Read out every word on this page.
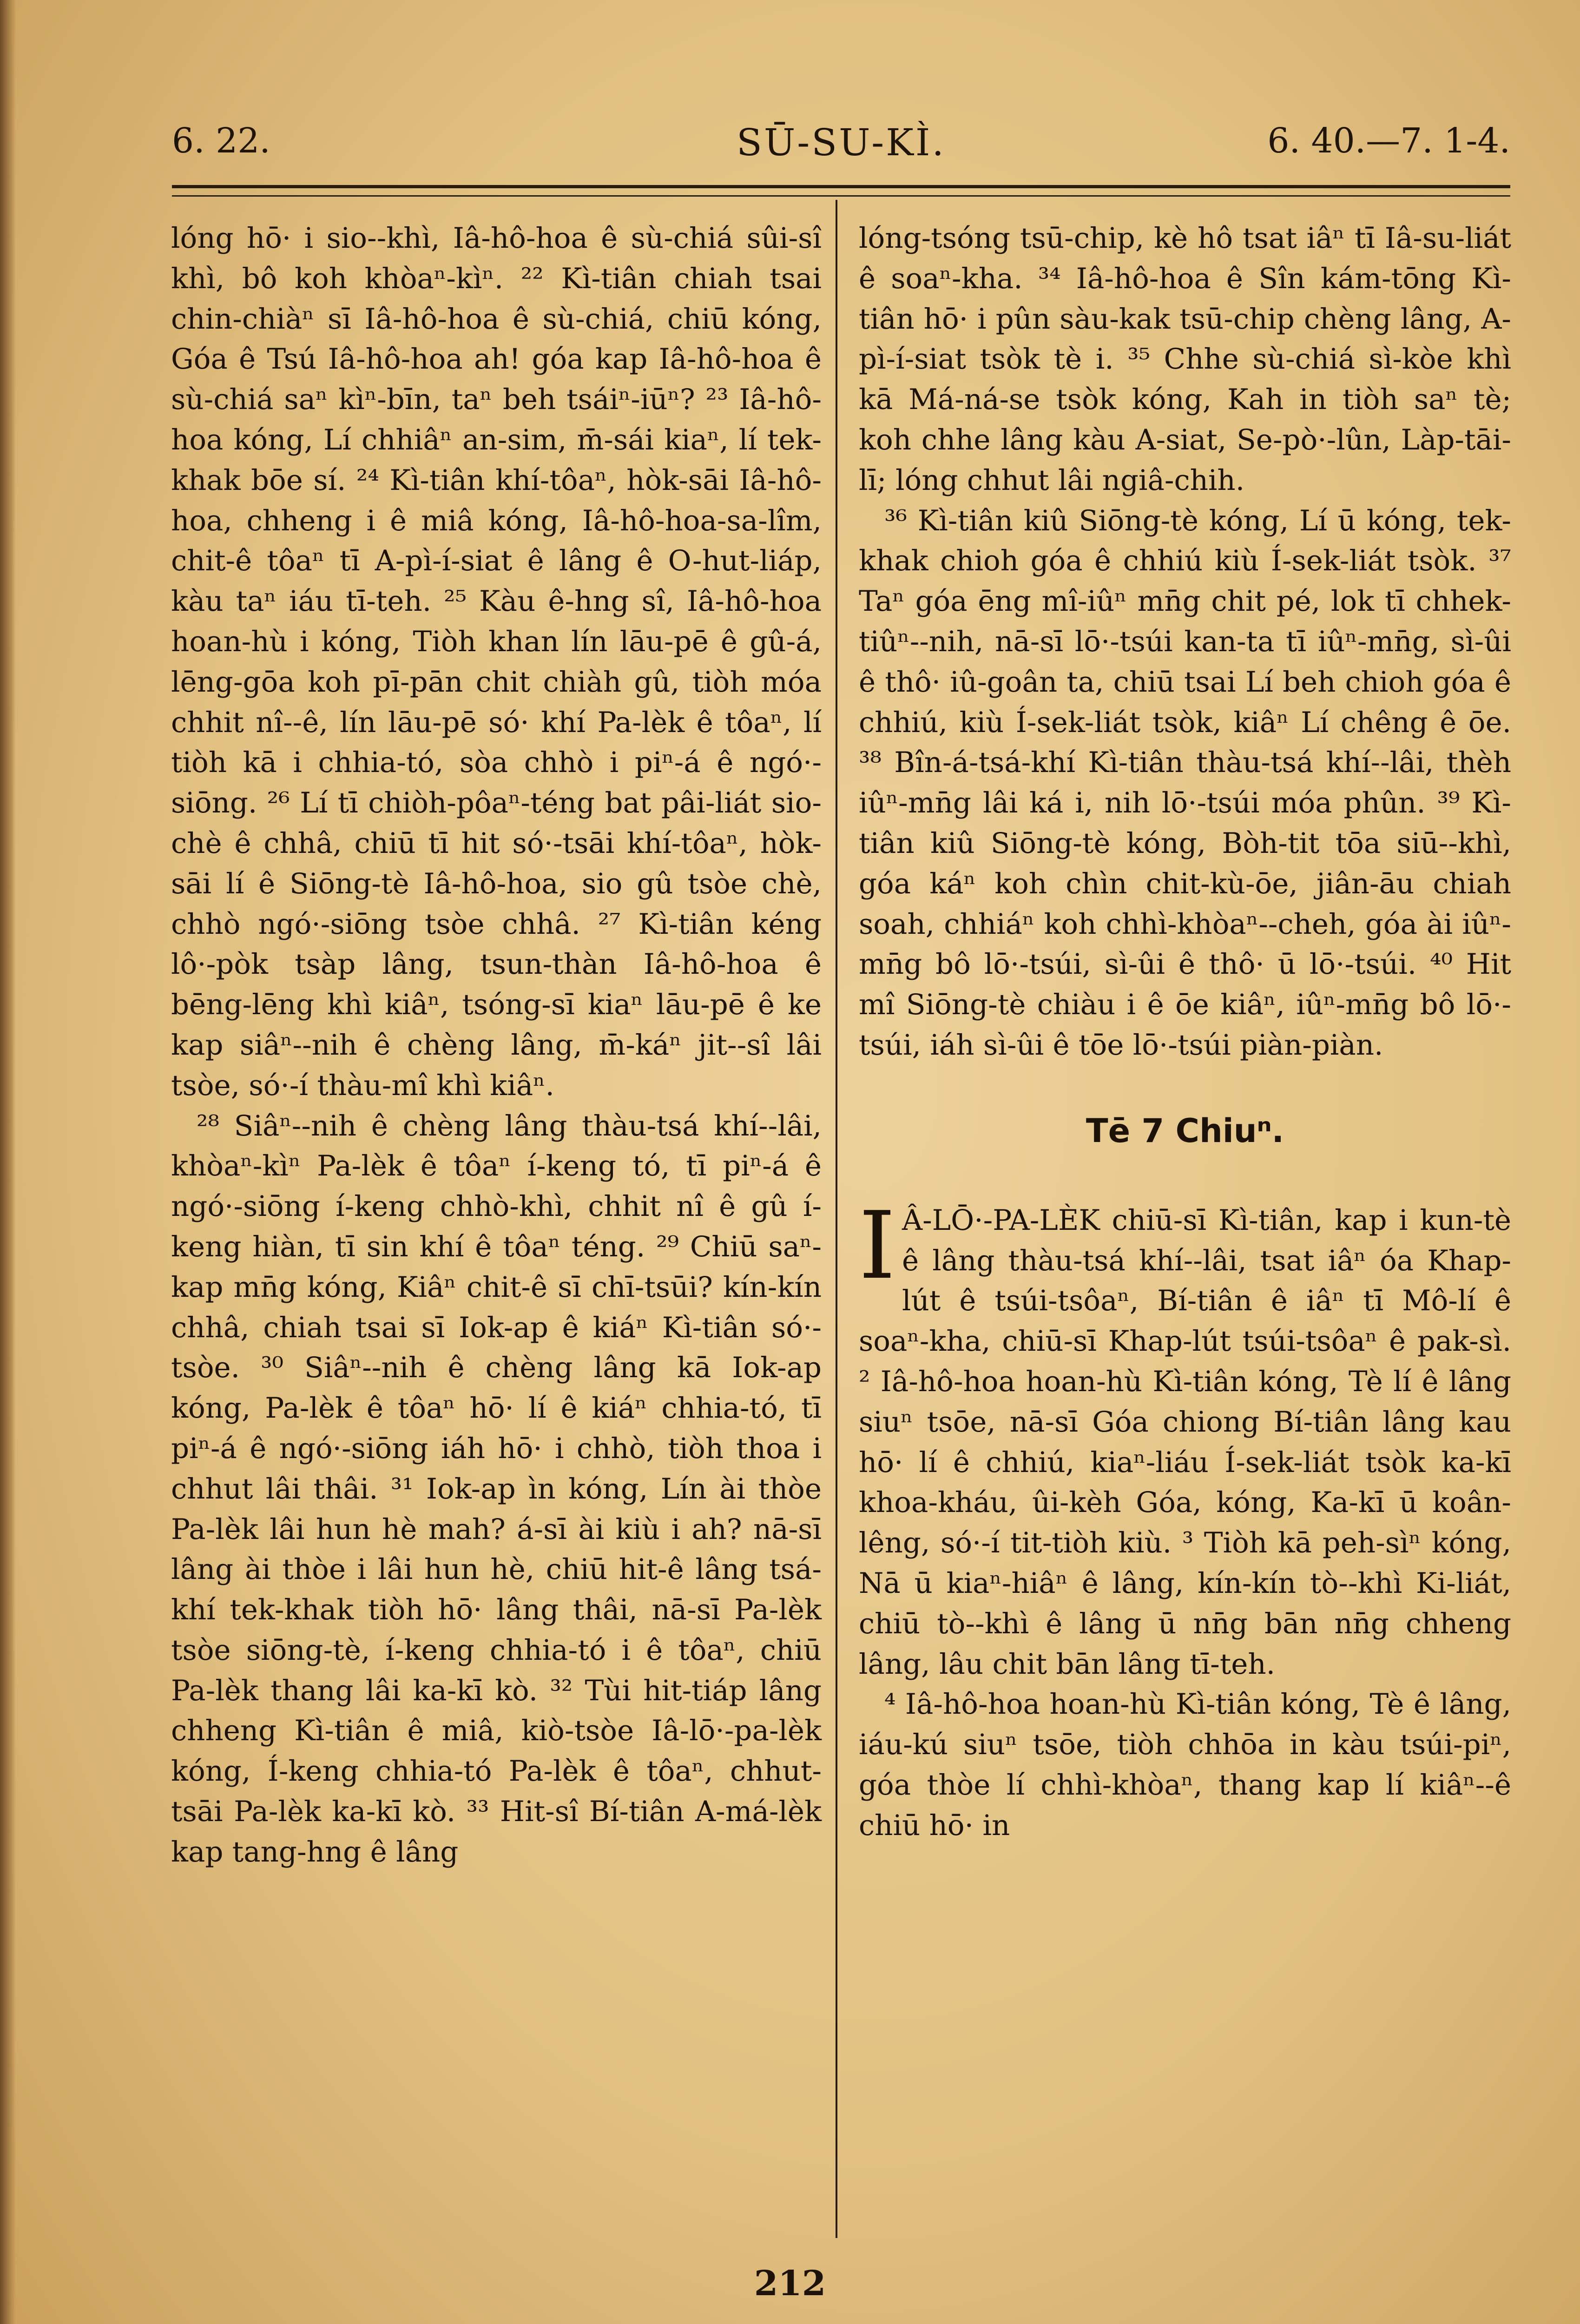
6. 22.	SŪ-SU-KÌ.	6. 40.—7. 1-4.

lóng hō· i sio--khì, Iâ-hô-hoa ê sù-chiá sûi-sî khì, bô koh khòaⁿ-kìⁿ. ²² Kì-tiân chiah tsai chin-chiàⁿ sī Iâ-hô-hoa ê sù-chiá, chiū kóng, Góa ê Tsú Iâ-hô-hoa ah! góa kap Iâ-hô-hoa ê sù-chiá saⁿ kìⁿ-bīn, taⁿ beh tsáiⁿ-iūⁿ? ²³ Iâ-hô-hoa kóng, Lí chhiâⁿ an-sim, m̄-sái kiaⁿ, lí tek-khak bōe sí. ²⁴ Kì-tiân khí-tôaⁿ, hòk-sāi Iâ-hô-hoa, chheng i ê miâ kóng, Iâ-hô-hoa-sa-lîm, chit-ê tôaⁿ tī A-pì-í-siat ê lâng ê O-hut-liáp, kàu taⁿ iáu tī-teh. ²⁵ Kàu ê-hng sî, Iâ-hô-hoa hoan-hù i kóng, Tiòh khan lín lāu-pē ê gû-á, lēng-gōa koh pī-pān chit chiàh gû, tiòh móa chhit nî--ê, lín lāu-pē só· khí Pa-lèk ê tôaⁿ, lí tiòh kā i chhia-tó, sòa chhò i piⁿ-á ê ngó·-siōng. ²⁶ Lí tī chiòh-pôaⁿ-téng bat pâi-liát sio-chè ê chhâ, chiū tī hit só·-tsāi khí-tôaⁿ, hòk-sāi lí ê Siōng-tè Iâ-hô-hoa, sio gû tsòe chè, chhò ngó·-siōng tsòe chhâ. ²⁷ Kì-tiân kéng lô·-pòk tsàp lâng, tsun-thàn Iâ-hô-hoa ê bēng-lēng khì kiâⁿ, tsóng-sī kiaⁿ lāu-pē ê ke kap siâⁿ--nih ê chèng lâng, m̄-káⁿ jit--sî lâi tsòe, só·-í thàu-mî khì kiâⁿ.

²⁸ Siâⁿ--nih ê chèng lâng thàu-tsá khí--lâi, khòaⁿ-kìⁿ Pa-lèk ê tôaⁿ í-keng tó, tī piⁿ-á ê ngó·-siōng í-keng chhò-khì, chhit nî ê gû í-keng hiàn, tī sin khí ê tôaⁿ téng. ²⁹ Chiū saⁿ-kap mn̄g kóng, Kiâⁿ chit-ê sī chī-tsūi? kín-kín chhâ, chiah tsai sī Iok-ap ê kiáⁿ Kì-tiân só·-tsòe. ³⁰ Siâⁿ--nih ê chèng lâng kā Iok-ap kóng, Pa-lèk ê tôaⁿ hō· lí ê kiáⁿ chhia-tó, tī piⁿ-á ê ngó·-siōng iáh hō· i chhò, tiòh thoa i chhut lâi thâi. ³¹ Iok-ap ìn kóng, Lín ài thòe Pa-lèk lâi hun hè mah? á-sī ài kiù i ah? nā-sī lâng ài thòe i lâi hun hè, chiū hit-ê lâng tsá-khí tek-khak tiòh hō· lâng thâi, nā-sī Pa-lèk tsòe siōng-tè, í-keng chhia-tó i ê tôaⁿ, chiū Pa-lèk thang lâi ka-kī kò. ³² Tùi hit-tiáp lâng chheng Kì-tiân ê miâ, kiò-tsòe Iâ-lō·-pa-lèk kóng, Í-keng chhia-tó Pa-lèk ê tôaⁿ, chhut-tsāi Pa-lèk ka-kī kò. ³³ Hit-sî Bí-tiân A-má-lèk kap tang-hng ê lâng

lóng-tsóng tsū-chip, kè hô tsat iâⁿ tī Iâ-su-liát ê soaⁿ-kha. ³⁴ Iâ-hô-hoa ê Sîn kám-tōng Kì-tiân hō· i pûn sàu-kak tsū-chip chèng lâng, A-pì-í-siat tsòk tè i. ³⁵ Chhe sù-chiá sì-kòe khì kā Má-ná-se tsòk kóng, Kah in tiòh saⁿ tè; koh chhe lâng kàu A-siat, Se-pò·-lûn, Làp-tāi-lī; lóng chhut lâi ngiâ-chih.

³⁶ Kì-tiân kiû Siōng-tè kóng, Lí ū kóng, tek-khak chioh góa ê chhiú kiù Í-sek-liát tsòk. ³⁷ Taⁿ góa ēng mî-iûⁿ mn̄g chit pé, lok tī chhek-tiûⁿ--nih, nā-sī lō·-tsúi kan-ta tī iûⁿ-mn̄g, sì-ûi ê thô· iû-goân ta, chiū tsai Lí beh chioh góa ê chhiú, kiù Í-sek-liát tsòk, kiâⁿ Lí chêng ê ōe. ³⁸ Bîn-á-tsá-khí Kì-tiân thàu-tsá khí--lâi, thèh iûⁿ-mn̄g lâi ká i, nih lō·-tsúi móa phûn. ³⁹ Kì-tiân kiû Siōng-tè kóng, Bòh-tit tōa siū--khì, góa káⁿ koh chìn chit-kù-ōe, jiân-āu chiah soah, chhiáⁿ koh chhì-khòaⁿ--cheh, góa ài iûⁿ-mn̄g bô lō·-tsúi, sì-ûi ê thô· ū lō·-tsúi. ⁴⁰ Hit mî Siōng-tè chiàu i ê ōe kiâⁿ, iûⁿ-mn̄g bô lō·-tsúi, iáh sì-ûi ê tōe lō·-tsúi piàn-piàn.

Tē 7 Chiuⁿ.

I Â-LŌ·-PA-LÈK chiū-sī Kì-tiân, kap i kun-tè ê lâng thàu-tsá khí--lâi, tsat iâⁿ óa Khap-lút ê tsúi-tsôaⁿ, Bí-tiân ê iâⁿ tī Mô-lí ê soaⁿ-kha, chiū-sī Khap-lút tsúi-tsôaⁿ ê pak-sì. ² Iâ-hô-hoa hoan-hù Kì-tiân kóng, Tè lí ê lâng siuⁿ tsōe, nā-sī Góa chiong Bí-tiân lâng kau hō· lí ê chhiú, kiaⁿ-liáu Í-sek-liát tsòk ka-kī khoa-kháu, ûi-kèh Góa, kóng, Ka-kī ū koân-lêng, só·-í tit-tiòh kiù. ³ Tiòh kā peh-sìⁿ kóng, Nā ū kiaⁿ-hiâⁿ ê lâng, kín-kín tò--khì Ki-liát, chiū tò--khì ê lâng ū nn̄g bān nn̄g chheng lâng, lâu chit bān lâng tī-teh.

⁴ Iâ-hô-hoa hoan-hù Kì-tiân kóng, Tè ê lâng, iáu-kú siuⁿ tsōe, tiòh chhōa in kàu tsúi-piⁿ, góa thòe lí chhì-khòaⁿ, thang kap lí kiâⁿ--ê chiū hō· in

212
